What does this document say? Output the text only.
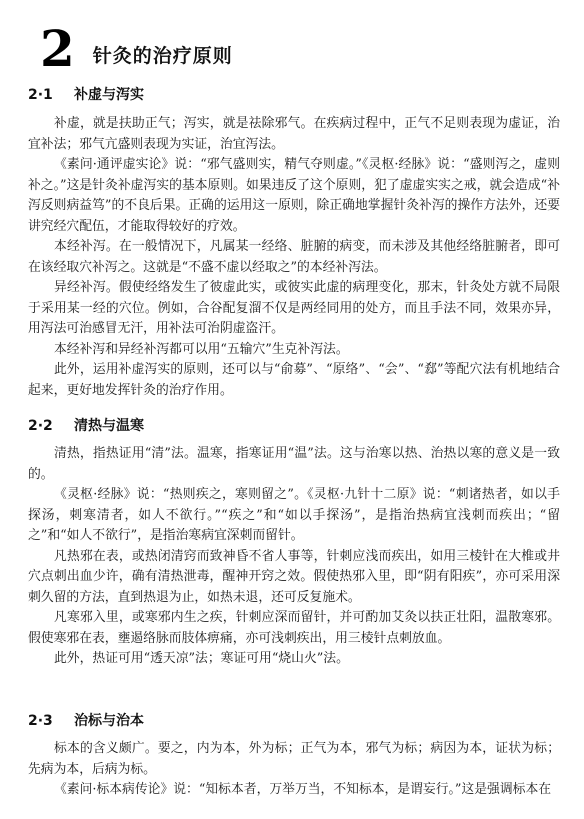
2 针灸的治疗原则
2·1 补虚与泻实

补虚，就是扶助正气；泻实，就是祛除邪气。在疾病过程中，正气不足则表现为虚证，治宜补法；邪气亢盛则表现为实证，治宜泻法。

《素问·通评虚实论》说：“邪气盛则实，精气夺则虚。”《灵枢·经脉》说：“盛则泻之，虚则补之。”这是针灸补虚泻实的基本原则。如果违反了这个原则，犯了虚虚实实之戒，就会造成“补泻反则病益笃”的不良后果。正确的运用这一原则，除正确地掌握针灸补泻的操作方法外，还要讲究经穴配伍，才能取得较好的疗效。

本经补泻。在一般情况下，凡属某一经络、脏腑的病变，而未涉及其他经络脏腑者，即可在该经取穴补泻之。这就是“不盛不虚以经取之”的本经补泻法。

异经补泻。假使经络发生了彼虚此实，或彼实此虚的病理变化，那末，针灸处方就不局限于采用某一经的穴位。例如，合谷配复溜不仅是两经同用的处方，而且手法不同，效果亦异，用泻法可治感冒无汗，用补法可治阴虚盗汗。

本经补泻和异经补泻都可以用“五输穴”生克补泻法。

此外，运用补虚泻实的原则，还可以与“俞募”、“原络”、“会”、“郄”等配穴法有机地结合起来，更好地发挥针灸的治疗作用。

2·2 清热与温寒

清热，指热证用“清”法。温寒，指寒证用“温”法。这与治寒以热、治热以寒的意义是一致的。

《灵枢·经脉》说：“热则疾之，寒则留之”。《灵枢·九针十二原》说：“刺诸热者，如以手探汤，刺寒清者，如人不欲行。”“疾之”和“如以手探汤”，是指治热病宜浅刺而疾出；“留之”和“如人不欲行”，是指治寒病宜深刺而留针。

凡热邪在表，或热闭清窍而致神昏不省人事等，针刺应浅而疾出，如用三棱针在大椎或井穴点刺出血少许，确有清热泄毒，醒神开窍之效。假使热邪入里，即“阴有阳疾”，亦可采用深刺久留的方法，直到热退为止，如热未退，还可反复施术。

凡寒邪入里，或寒邪内生之疾，针刺应深而留针，并可酌加艾灸以扶正壮阳，温散寒邪。假使寒邪在表，壅遏络脉而肢体痹痛，亦可浅刺疾出，用三棱针点刺放血。

此外，热证可用“透天凉”法；寒证可用“烧山火”法。

2·3 治标与治本

标本的含义颇广。要之，内为本，外为标；正气为本，邪气为标；病因为本，证状为标；先病为本，后病为标。

《素问·标本病传论》说：“知标本者，万举万当，不知标本，是谓妄行。”这是强调标本在
